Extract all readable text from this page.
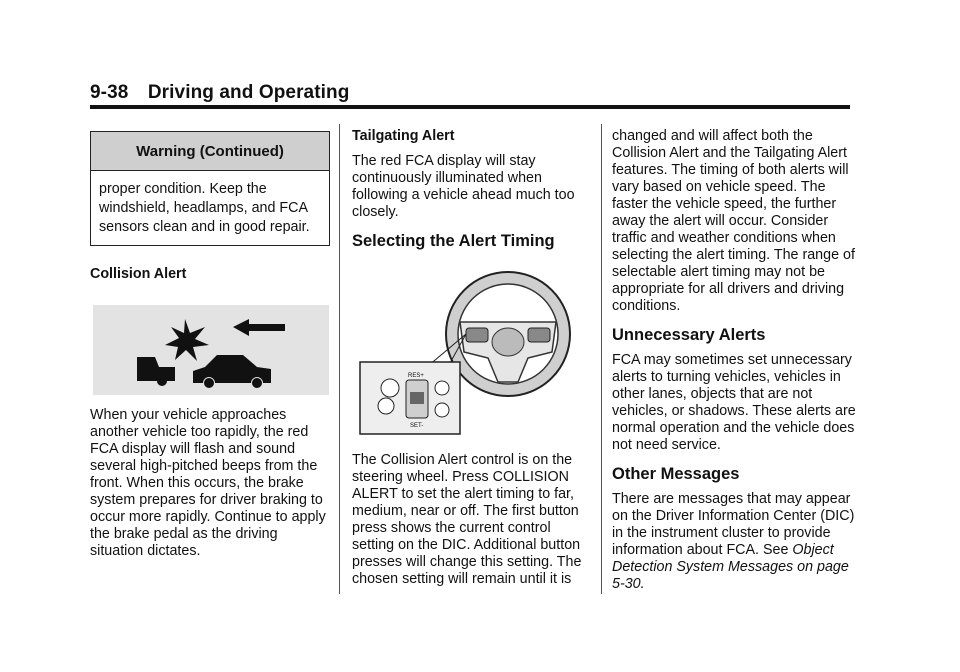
9-38 Driving and Operating
Warning (Continued)
proper condition. Keep the windshield, headlamps, and FCA sensors clean and in good repair.

Collision Alert

When your vehicle approaches another vehicle too rapidly, the red FCA display will flash and sound several high-pitched beeps from the front. When this occurs, the brake system prepares for driver braking to occur more rapidly. Continue to apply the brake pedal as the driving situation dictates.

Tailgating Alert

The red FCA display will stay continuously illuminated when following a vehicle ahead much too closely.

Selecting the Alert Timing
RES+
SET-

The Collision Alert control is on the steering wheel. Press COLLISION ALERT to set the alert timing to far, medium, near or off. The first button press shows the current control setting on the DIC. Additional button presses will change this setting. The chosen setting will remain until it is

changed and will affect both the Collision Alert and the Tailgating Alert features. The timing of both alerts will vary based on vehicle speed. The faster the vehicle speed, the further away the alert will occur. Consider traffic and weather conditions when selecting the alert timing. The range of selectable alert timing may not be appropriate for all drivers and driving conditions.

Unnecessary Alerts

FCA may sometimes set unnecessary alerts to turning vehicles, vehicles in other lanes, objects that are not vehicles, or shadows. These alerts are normal operation and the vehicle does not need service.

Other Messages

There are messages that may appear on the Driver Information Center (DIC) in the instrument cluster to provide information about FCA. See Object Detection System Messages on page 5-30.
